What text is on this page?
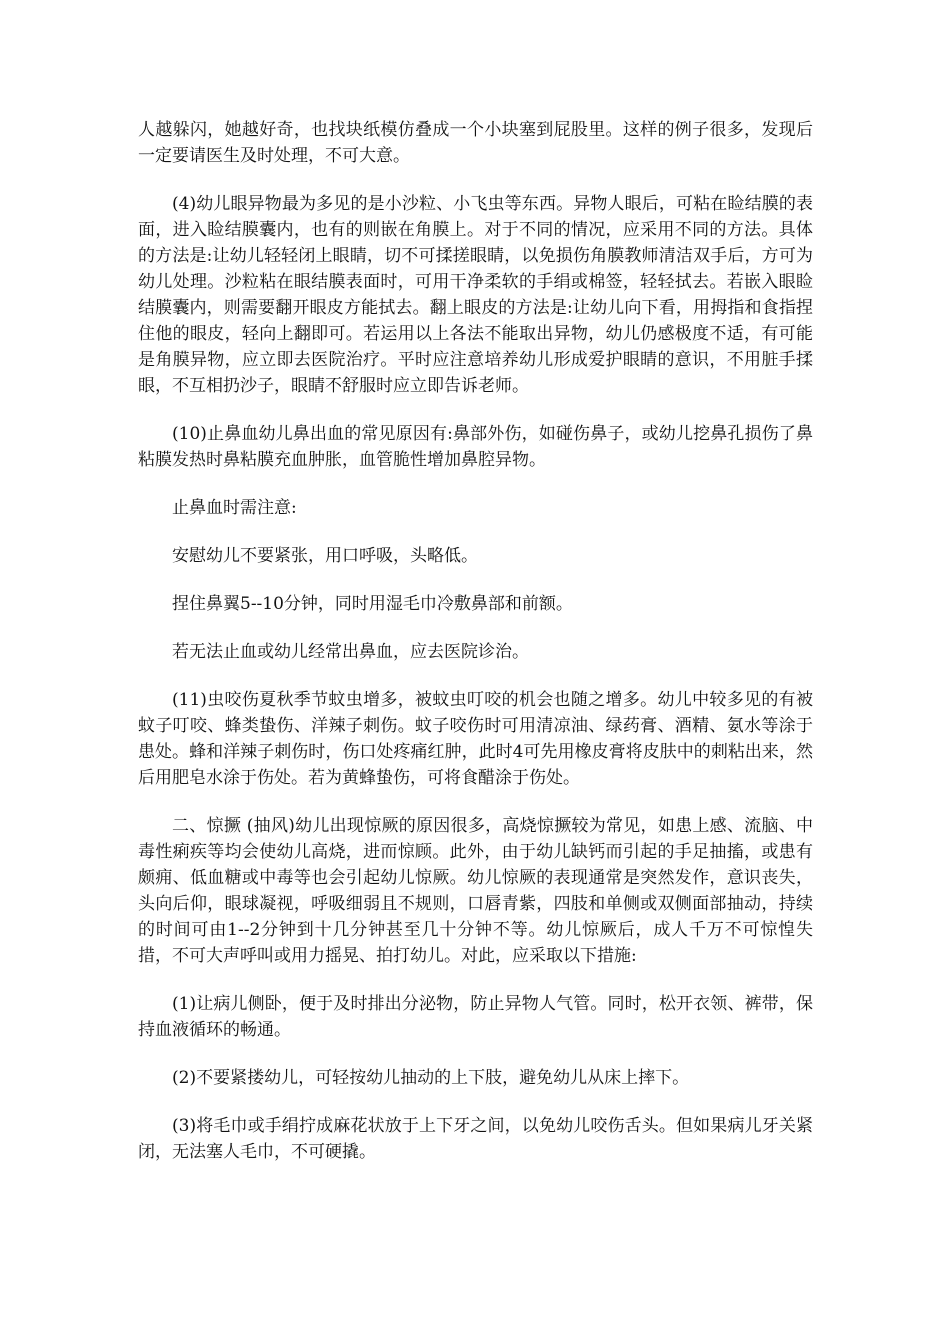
人越躲闪，她越好奇，也找块纸模仿叠成一个小块塞到屁股里。这样的例子很多，发现后一定要请医生及时处理，不可大意。

(4)幼儿眼异物最为多见的是小沙粒、小飞虫等东西。异物人眼后，可粘在睑结膜的表面，进入睑结膜囊内，也有的则嵌在角膜上。对于不同的情况，应采用不同的方法。具体的方法是:让幼儿轻轻闭上眼睛，切不可揉搓眼睛，以免损伤角膜教师清洁双手后，方可为幼儿处理。沙粒粘在眼结膜表面时，可用干净柔软的手绢或棉签，轻轻拭去。若嵌入眼睑结膜囊内，则需要翻开眼皮方能拭去。翻上眼皮的方法是:让幼儿向下看，用拇指和食指捏住他的眼皮，轻向上翻即可。若运用以上各法不能取出异物，幼儿仍感极度不适，有可能是角膜异物，应立即去医院治疗。平时应注意培养幼儿形成爱护眼睛的意识，不用脏手揉眼，不互相扔沙子，眼睛不舒服时应立即告诉老师。

(10)止鼻血幼儿鼻出血的常见原因有:鼻部外伤，如碰伤鼻子，或幼儿挖鼻孔损伤了鼻粘膜发热时鼻粘膜充血肿胀，血管脆性增加鼻腔异物。

止鼻血时需注意:

安慰幼儿不要紧张，用口呼吸，头略低。

捏住鼻翼5--10分钟，同时用湿毛巾冷敷鼻部和前额。

若无法止血或幼儿经常出鼻血，应去医院诊治。

(11)虫咬伤夏秋季节蚊虫增多，被蚊虫叮咬的机会也随之增多。幼儿中较多见的有被蚊子叮咬、蜂类蛰伤、洋辣子刺伤。蚊子咬伤时可用清凉油、绿药膏、酒精、氨水等涂于患处。蜂和洋辣子刺伤时，伤口处疼痛红肿，此时4可先用橡皮膏将皮肤中的刺粘出来，然后用肥皂水涂于伤处。若为黄蜂蛰伤，可将食醋涂于伤处。

二、惊撅 (抽风)幼儿出现惊厥的原因很多，高烧惊撅较为常见，如患上感、流脑、中毒性痢疾等均会使幼儿高烧，进而惊顾。此外，由于幼儿缺钙而引起的手足抽搐，或患有颇痈、低血糖或中毒等也会引起幼儿惊厥。幼儿惊厥的表现通常是突然发作，意识丧失，头向后仰，眼球凝视，呼吸细弱且不规则，口唇青紫，四肢和单侧或双侧面部抽动，持续的时间可由1--2分钟到十几分钟甚至几十分钟不等。幼儿惊厥后，成人千万不可惊惶失措，不可大声呼叫或用力摇晃、拍打幼儿。对此，应采取以下措施:

(1)让病儿侧卧，便于及时排出分泌物，防止异物人气管。同时，松开衣领、裤带，保持血液循环的畅通。

(2)不要紧搂幼儿，可轻按幼儿抽动的上下肢，避免幼儿从床上摔下。

(3)将毛巾或手绢拧成麻花状放于上下牙之间，以免幼儿咬伤舌头。但如果病儿牙关紧闭，无法塞人毛巾，不可硬撬。
